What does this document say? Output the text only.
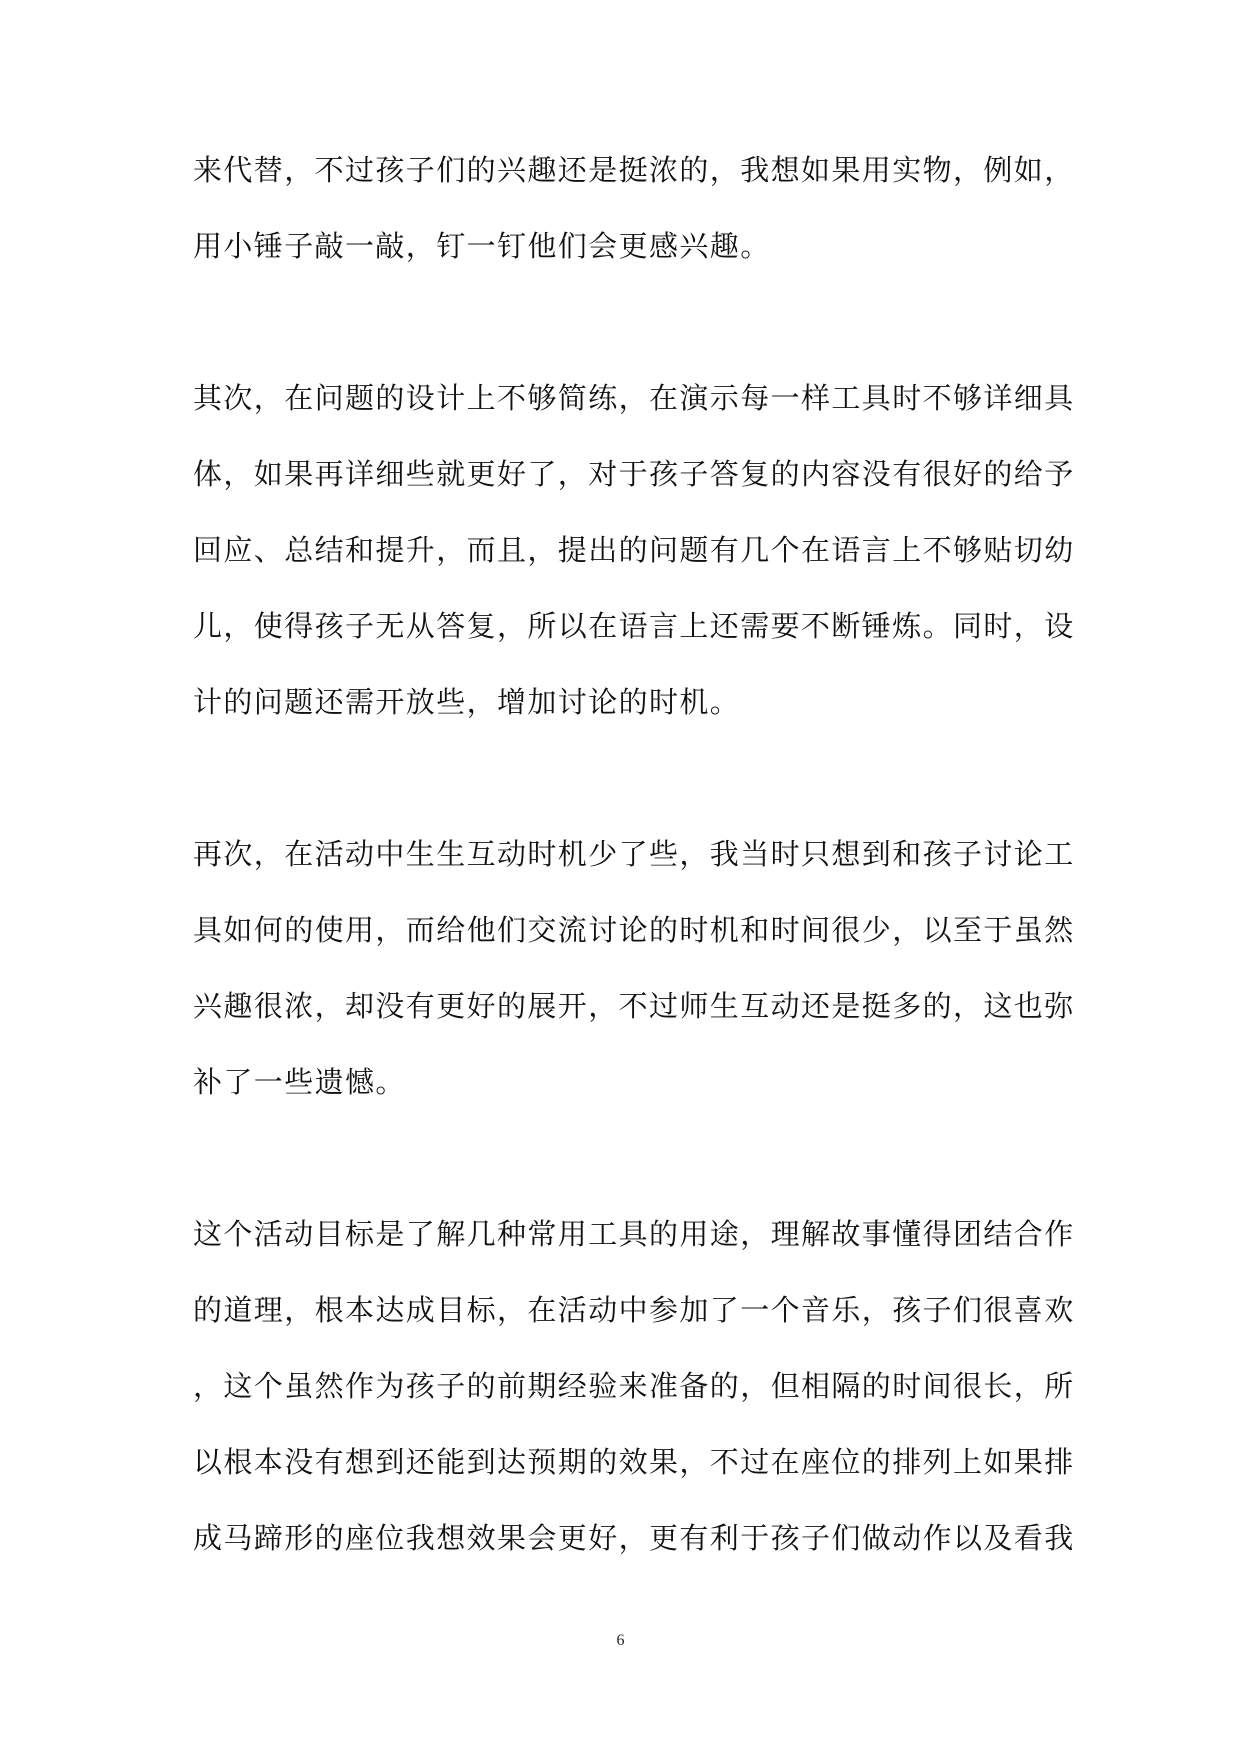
来代替，不过孩子们的兴趣还是挺浓的，我想如果用实物，例如，
用小锤子敲一敲，钉一钉他们会更感兴趣。
其次，在问题的设计上不够简练，在演示每一样工具时不够详细具
体，如果再详细些就更好了，对于孩子答复的内容没有很好的给予
回应、总结和提升，而且，提出的问题有几个在语言上不够贴切幼
儿，使得孩子无从答复，所以在语言上还需要不断锤炼。同时，设
计的问题还需开放些，增加讨论的时机。
再次，在活动中生生互动时机少了些，我当时只想到和孩子讨论工
具如何的使用，而给他们交流讨论的时机和时间很少，以至于虽然
兴趣很浓，却没有更好的展开，不过师生互动还是挺多的，这也弥
补了一些遗憾。
这个活动目标是了解几种常用工具的用途，理解故事懂得团结合作
的道理，根本达成目标，在活动中参加了一个音乐，孩子们很喜欢
，这个虽然作为孩子的前期经验来准备的，但相隔的时间很长，所
以根本没有想到还能到达预期的效果，不过在座位的排列上如果排
成马蹄形的座位我想效果会更好，更有利于孩子们做动作以及看我
6
